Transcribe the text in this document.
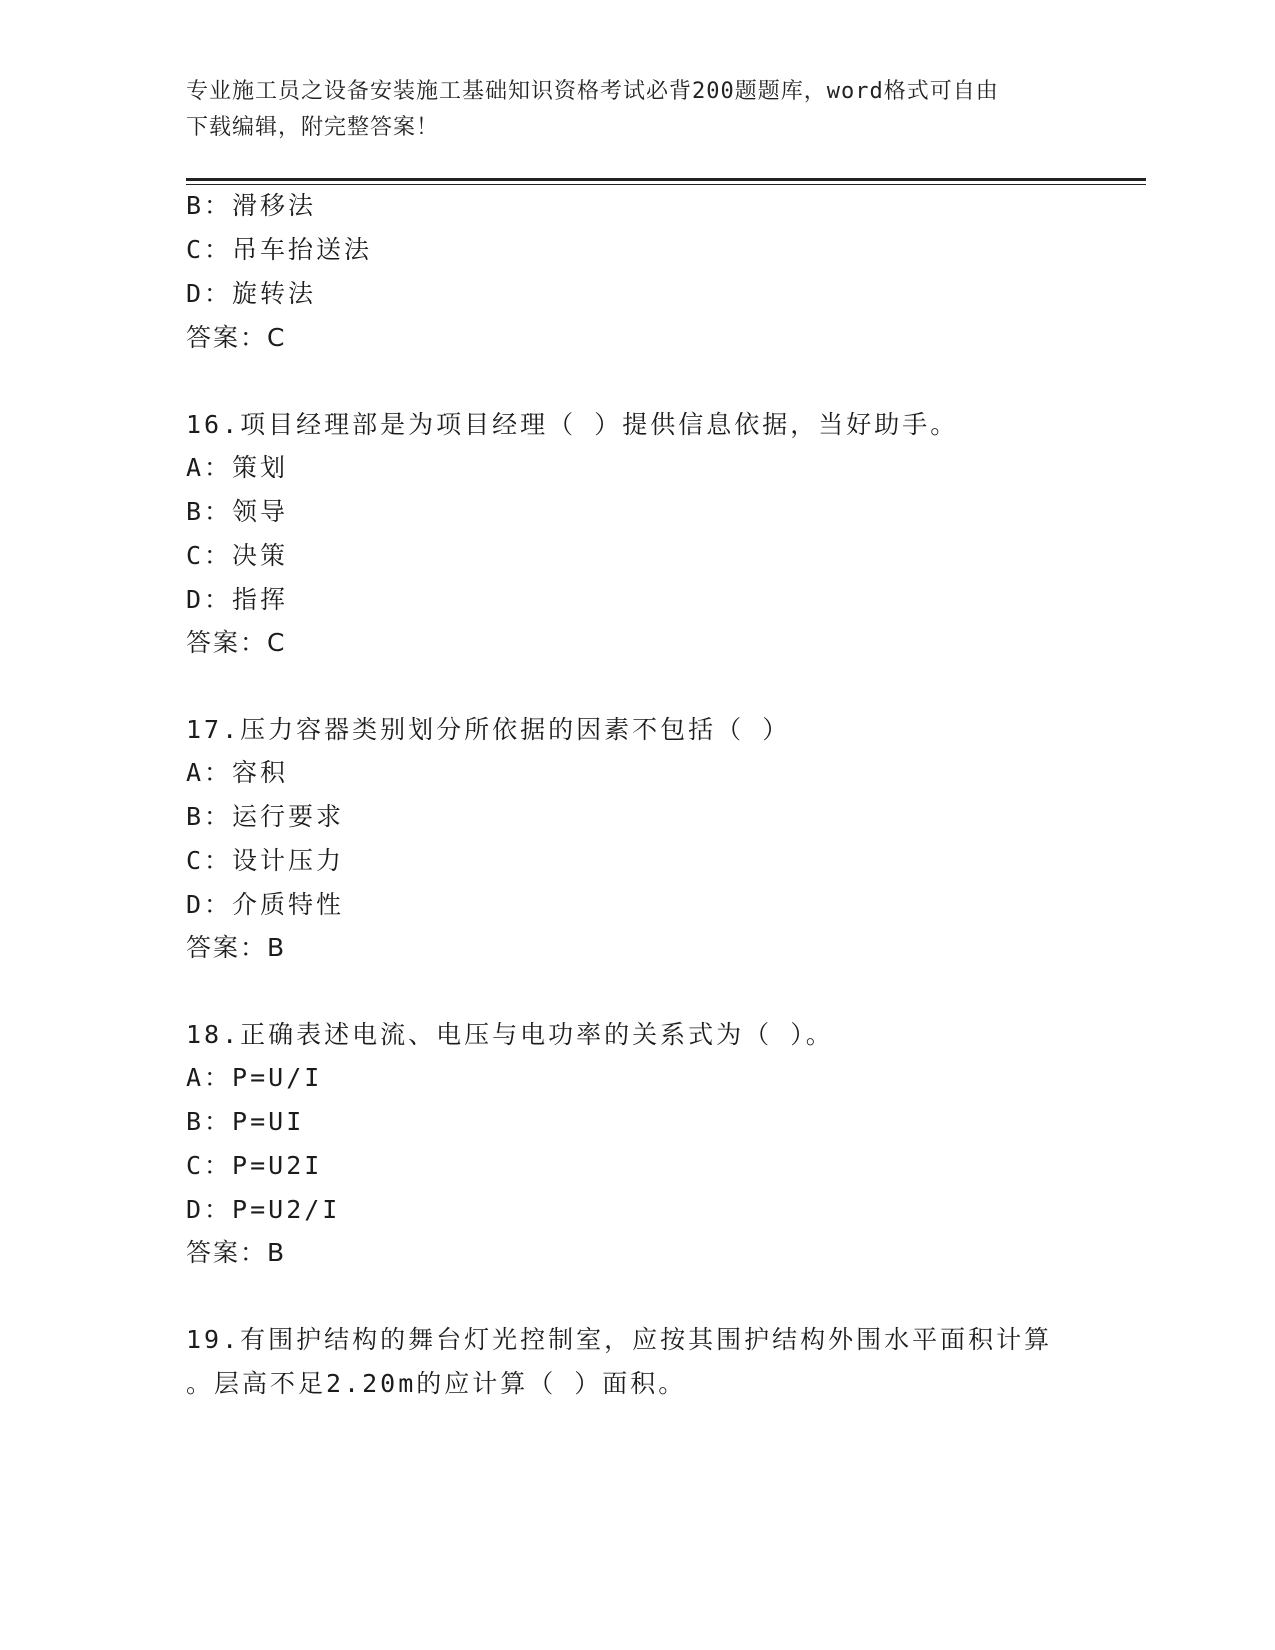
专业施工员之设备安装施工基础知识资格考试必背200题题库，word格式可自由
下载编辑，附完整答案！
B：滑移法
C：吊车抬送法
D：旋转法
答案：C
16.项目经理部是为项目经理（ ）提供信息依据，当好助手。
A：策划
B：领导
C：决策
D：指挥
答案：C
17.压力容器类别划分所依据的因素不包括（ ）
A：容积
B：运行要求
C：设计压力
D：介质特性
答案：B
18.正确表述电流、电压与电功率的关系式为（ ）。
A：P=U/I
B：P=UI
C：P=U2I
D：P=U2/I
答案：B
19.有围护结构的舞台灯光控制室，应按其围护结构外围水平面积计算
。层高不足2.20m的应计算（ ）面积。
